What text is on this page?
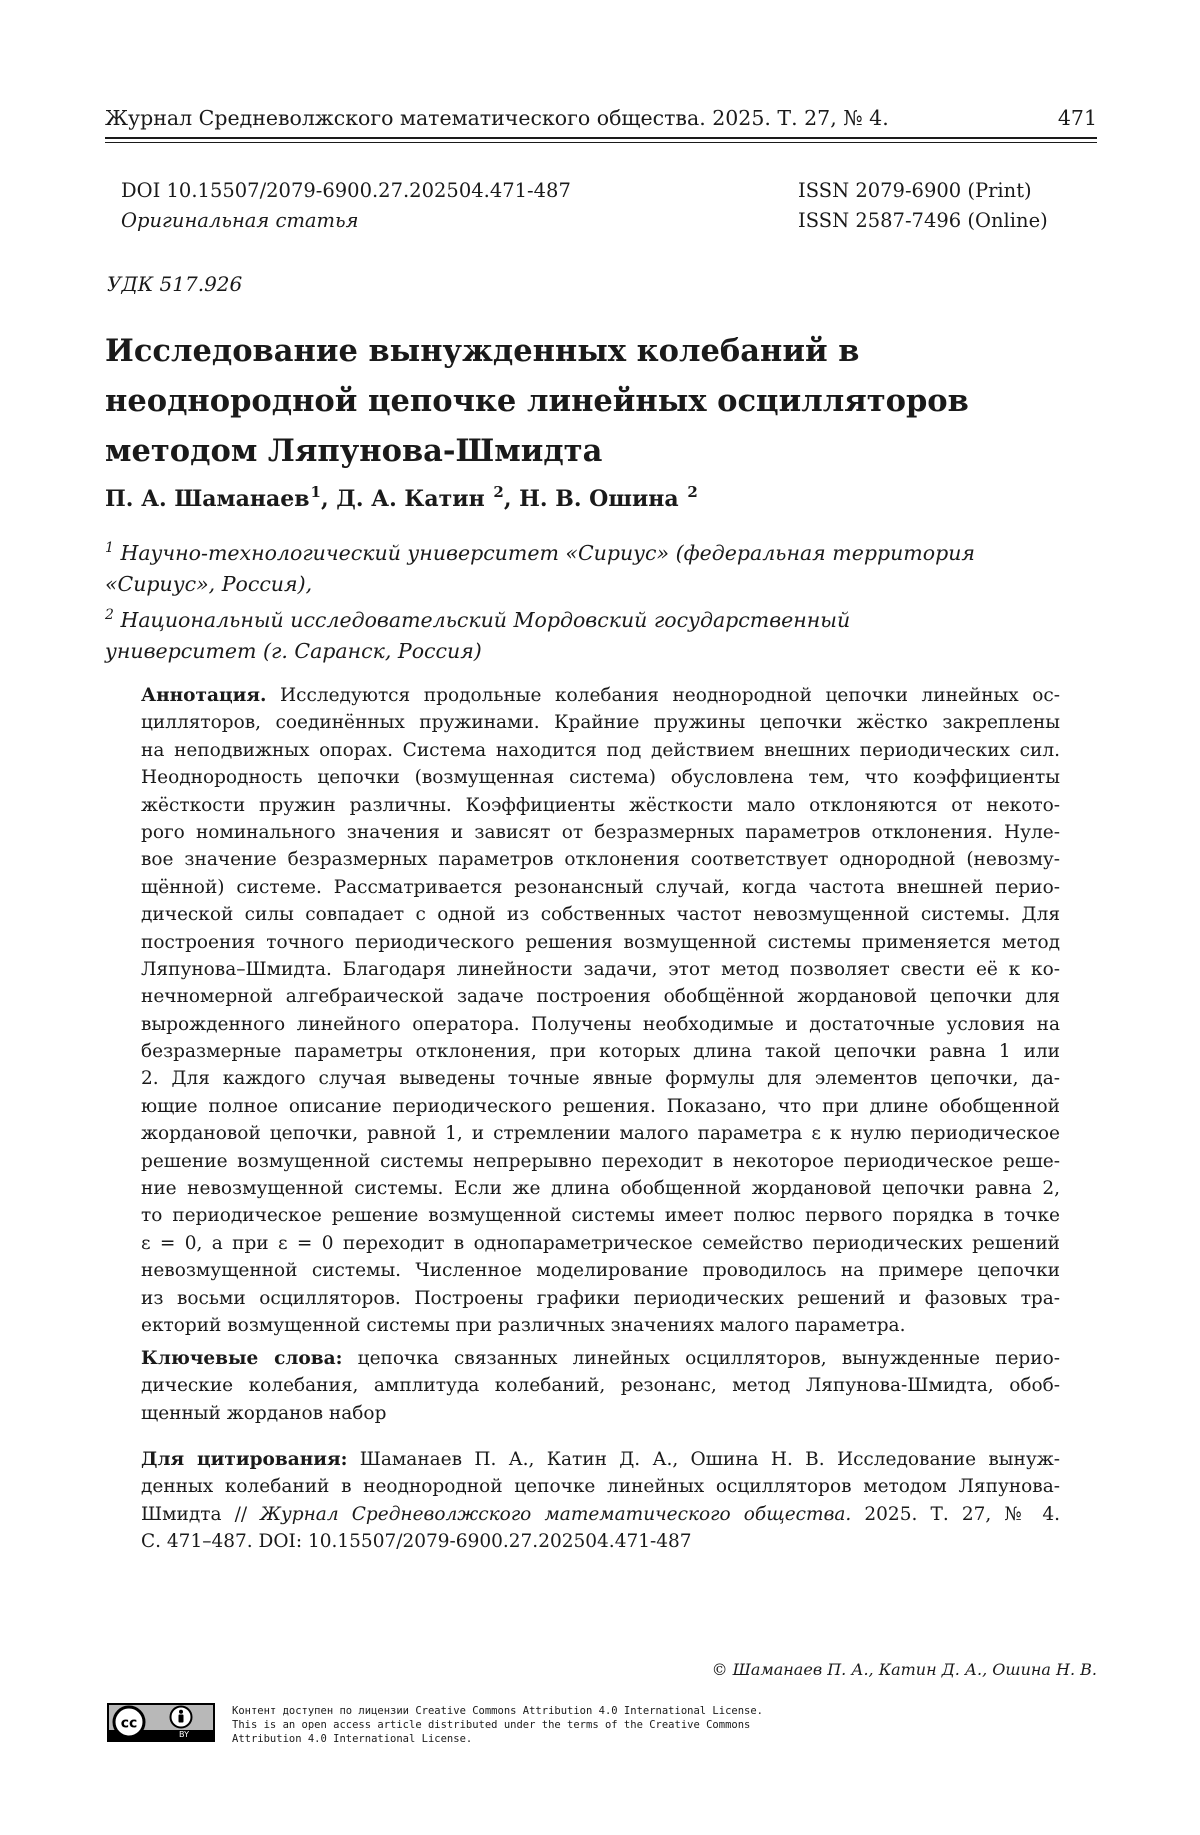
Журнал Средневолжского математического общества. 2025. Т. 27, № 4.	471
DOI 10.15507/2079-6900.27.202504.471-487
Оригинальная статья
ISSN 2079-6900 (Print)
ISSN 2587-7496 (Online)
УДК 517.926
Исследование вынужденных колебаний в
неоднородной цепочке линейных осцилляторов
методом Ляпунова-Шмидта
П. А. Шаманаев$^1$, Д. А. Катин $^2$, Н. В. Ошина $^2$
$^1$ Научно-технологический университет «Сириус» (федеральная территория
«Сириус», Россия),
$^2$ Национальный исследовательский Мордовский государственный
университет (г. Саранск, Россия)
Аннотация. Исследуются продольные колебания неоднородной цепочки линейных ос-
цилляторов, соединённых пружинами. Крайние пружины цепочки жёстко закреплены
на неподвижных опорах. Система находится под действием внешних периодических сил.
Неоднородность цепочки (возмущенная система) обусловлена тем, что коэффициенты
жёсткости пружин различны. Коэффициенты жёсткости мало отклоняются от некото-
рого номинального значения и зависят от безразмерных параметров отклонения. Нуле-
вое значение безразмерных параметров отклонения соответствует однородной (невозму-
щённой) системе. Рассматривается резонансный случай, когда частота внешней перио-
дической силы совпадает с одной из собственных частот невозмущенной системы. Для
построения точного периодического решения возмущенной системы применяется метод
Ляпунова–Шмидта. Благодаря линейности задачи, этот метод позволяет свести её к ко-
нечномерной алгебраической задаче построения обобщённой жордановой цепочки для
вырожденного линейного оператора. Получены необходимые и достаточные условия на
безразмерные параметры отклонения, при которых длина такой цепочки равна 1 или
2. Для каждого случая выведены точные явные формулы для элементов цепочки, да-
ющие полное описание периодического решения. Показано, что при длине обобщенной
жордановой цепочки, равной 1, и стремлении малого параметра ε к нулю периодическое
решение возмущенной системы непрерывно переходит в некоторое периодическое реше-
ние невозмущенной системы. Если же длина обобщенной жордановой цепочки равна 2,
то периодическое решение возмущенной системы имеет полюс первого порядка в точке
ε = 0, а при ε = 0 переходит в однопараметрическое семейство периодических решений
невозмущенной системы. Численное моделирование проводилось на примере цепочки
из восьми осцилляторов. Построены графики периодических решений и фазовых тра-
екторий возмущенной системы при различных значениях малого параметра.
Ключевые слова: цепочка связанных линейных осцилляторов, вынужденные перио-
дические колебания, амплитуда колебаний, резонанс, метод Ляпунова-Шмидта, обоб-
щенный жорданов набор
Для цитирования: Шаманаев П. А., Катин Д. А., Ошина Н. В. Исследование вынуж-
денных колебаний в неоднородной цепочке линейных осцилляторов методом Ляпунова-
Шмидта // Журнал Средневолжского математического общества. 2025. Т. 27, № 4.
С. 471–487. DOI: 10.15507/2079-6900.27.202504.471-487
© Шаманаев П. А., Катин Д. А., Ошина Н. В.
cc
BY
Контент доступен по лицензии Creative Commons Attribution 4.0 International License.
This is an open access article distributed under the terms of the Creative Commons
Attribution 4.0 International License.
